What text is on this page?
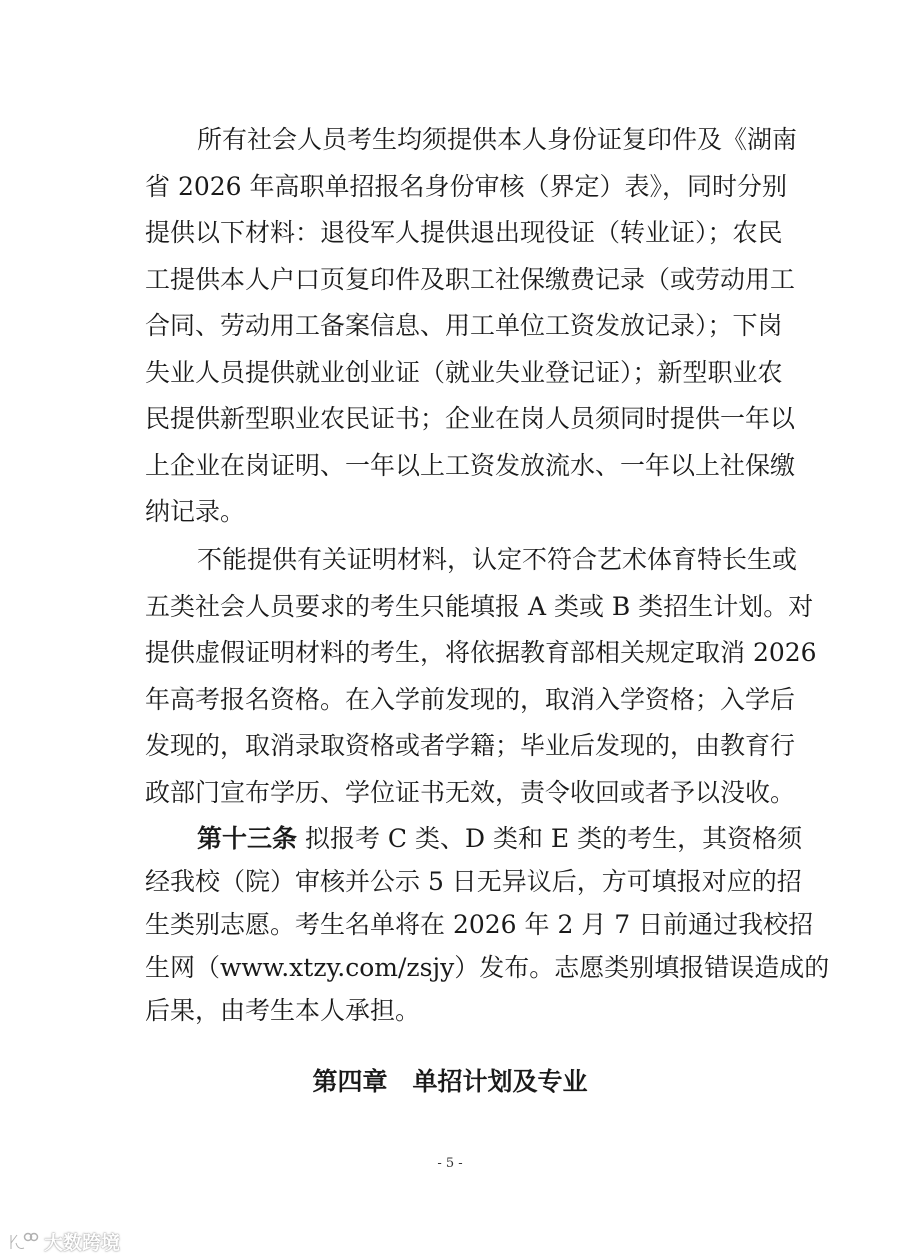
所有社会人员考生均须提供本人身份证复印件及《湖南
省 2026 年高职单招报名身份审核（界定）表》，同时分别
提供以下材料：退役军人提供退出现役证（转业证）；农民
工提供本人户口页复印件及职工社保缴费记录（或劳动用工
合同、劳动用工备案信息、用工单位工资发放记录）；下岗
失业人员提供就业创业证（就业失业登记证）；新型职业农
民提供新型职业农民证书；企业在岗人员须同时提供一年以
上企业在岗证明、一年以上工资发放流水、一年以上社保缴
纳记录。
不能提供有关证明材料，认定不符合艺术体育特长生或
五类社会人员要求的考生只能填报 A 类或 B 类招生计划。对
提供虚假证明材料的考生，将依据教育部相关规定取消 2026
年高考报名资格。在入学前发现的，取消入学资格；入学后
发现的，取消录取资格或者学籍；毕业后发现的，由教育行
政部门宣布学历、学位证书无效，责令收回或者予以没收。
第十三条 拟报考 C 类、D 类和 E 类的考生，其资格须
经我校（院）审核并公示 5 日无异议后，方可填报对应的招
生类别志愿。考生名单将在 2026 年 2 月 7 日前通过我校招
生网（www.xtzy.com/zsjy）发布。志愿类别填报错误造成的
后果，由考生本人承担。
第四章　单招计划及专业
- 5 -
大数跨境
